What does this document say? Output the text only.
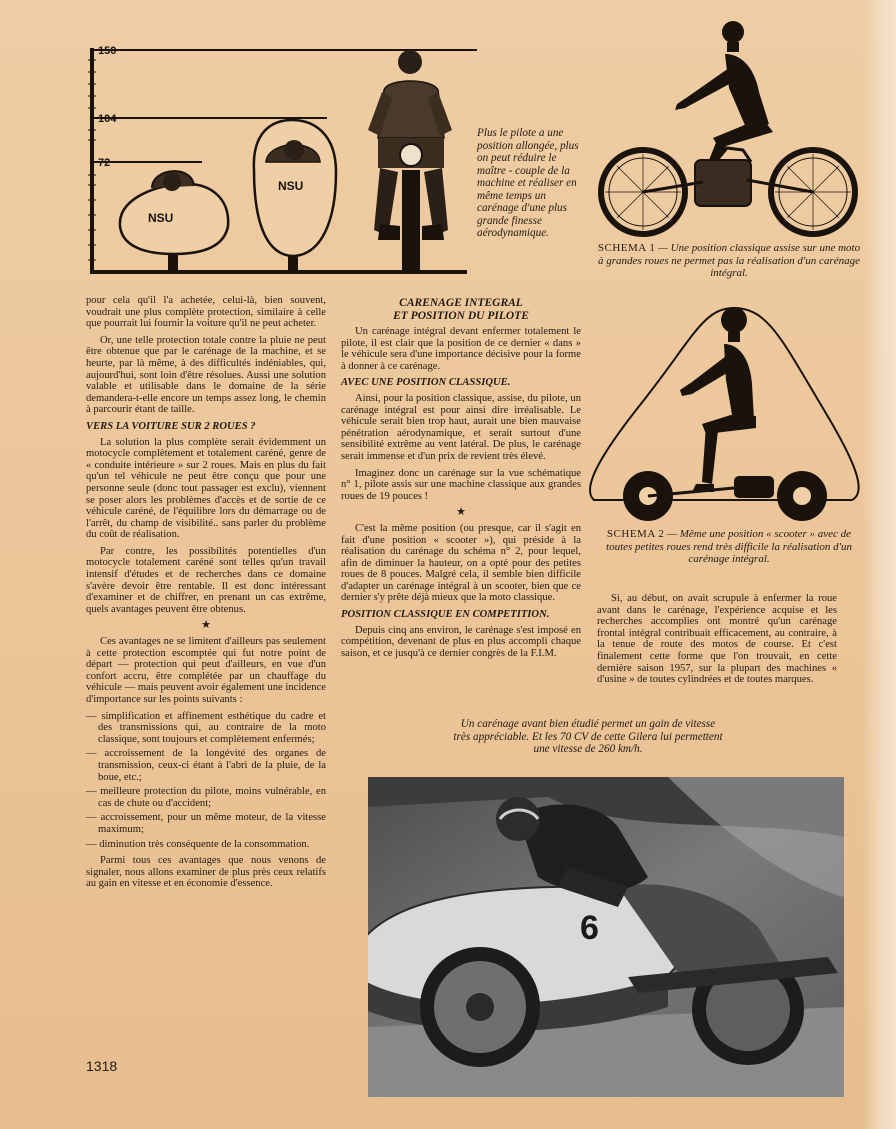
150
104
72
NSU
NSU
Plus le pilote a une position allongée, plus on peut réduire le maître - couple de la machine et réaliser en même temps un carénage d'une plus grande finesse aérodynamique.
SCHEMA 1 — Une position classique assise sur une moto à grandes roues ne permet pas la réalisation d'un carénage intégral.
SCHEMA 2 — Même une position « scooter » avec de toutes petites roues rend très difficile la réalisation d'un carénage intégral.

pour cela qu'il l'a achetée, celui-là, bien souvent, voudrait une plus complète protection, similaire à celle que pourrait lui fournir la voiture qu'il ne peut acheter.

Or, une telle protection totale contre la pluie ne peut être obtenue que par le carénage de la machine, et se heurte, par là même, à des difficultés indéniables, qui, aujourd'hui, sont loin d'être résolues. Aussi une solution valable et utilisable dans le domaine de la série demandera-t-elle encore un temps assez long, le chemin à parcourir étant de taille.

VERS LA VOITURE SUR 2 ROUES ?

La solution la plus complète serait évidemment un motocycle complètement et totalement caréné, genre de « conduite intérieure » sur 2 roues. Mais en plus du fait qu'un tel véhicule ne peut être conçu que pour une personne seule (donc tout passager est exclu), viennent se poser alors les problèmes d'accès et de sortie de ce véhicule caréné, de l'équilibre lors du démarrage ou de l'arrêt, du champ de visibilité.. sans parler du problème du coût de réalisation.

Par contre, les possibilités potentielles d'un motocycle totalement caréné sont telles qu'un travail intensif d'études et de recherches dans ce domaine s'avère devoir être rentable. Il est donc intéressant d'examiner et de chiffrer, en prenant un cas extrême, quels avantages peuvent être obtenus.

★

Ces avantages ne se limitent d'ailleurs pas seulement à cette protection escomptée qui fut notre point de départ — protection qui peut d'ailleurs, en vue d'un confort accru, être complétée par un chauffage du véhicule — mais peuvent avoir également une incidence d'importance sur les points suivants :

— simplification et affinement esthétique du cadre et des transmissions qui, au contraire de la moto classique, sont toujours et complètement enfermés;
— accroissement de la longévité des organes de transmission, ceux-ci étant à l'abri de la pluie, de la boue, etc.;
— meilleure protection du pilote, moins vulnérable, en cas de chute ou d'accident;
— accroissement, pour un même moteur, de la vitesse maximum;
— diminution très conséquente de la consommation.

Parmi tous ces avantages que nous venons de signaler, nous allons examiner de plus près ceux relatifs au gain en vitesse et en économie d'essence.

CARENAGE INTEGRAL
ET POSITION DU PILOTE

Un carénage intégral devant enfermer totalement le pilote, il est clair que la position de ce dernier « dans » le véhicule sera d'une importance décisive pour la forme à donner à ce carénage.

AVEC UNE POSITION CLASSIQUE.

Ainsi, pour la position classique, assise, du pilote, un carénage intégral est pour ainsi dire irréalisable. Le véhicule serait bien trop haut, aurait une bien mauvaise pénétration aérodynamique, et serait surtout d'une sensibilité extrême au vent latéral. De plus, le carénage serait immense et d'un prix de revient très élevé.

Imaginez donc un carénage sur la vue schématique n° 1, pilote assis sur une machine classique aux grandes roues de 19 pouces !

★

C'est la même position (ou presque, car il s'agit en fait d'une position « scooter »), qui préside à la réalisation du carénage du schéma n° 2, pour lequel, afin de diminuer la hauteur, on a opté pour des petites roues de 8 pouces. Malgré cela, il semble bien difficile d'adapter un carénage intégral à un scooter, bien que ce dernier s'y prête déjà mieux que la moto classique.

POSITION CLASSIQUE EN COMPETITION.

Depuis cinq ans environ, le carénage s'est imposé en compétition, devenant de plus en plus accompli chaque saison, et ce jusqu'à ce dernier congrès de la F.I.M.

Si, au début, on avait scrupule à enfermer la roue avant dans le carénage, l'expérience acquise et les recherches accomplies ont montré qu'un carénage frontal intégral contribuait efficacement, au contraire, à la tenue de route des motos de course. Et c'est finalement cette forme que l'on trouvait, en cette dernière saison 1957, sur la plupart des machines « d'usine » de toutes cylindrées et de toutes marques.

Un carénage avant bien étudié permet un gain de vitesse très appréciable. Et les 70 CV de cette Gilera lui permettent une vitesse de 260 km/h.
6
1318
